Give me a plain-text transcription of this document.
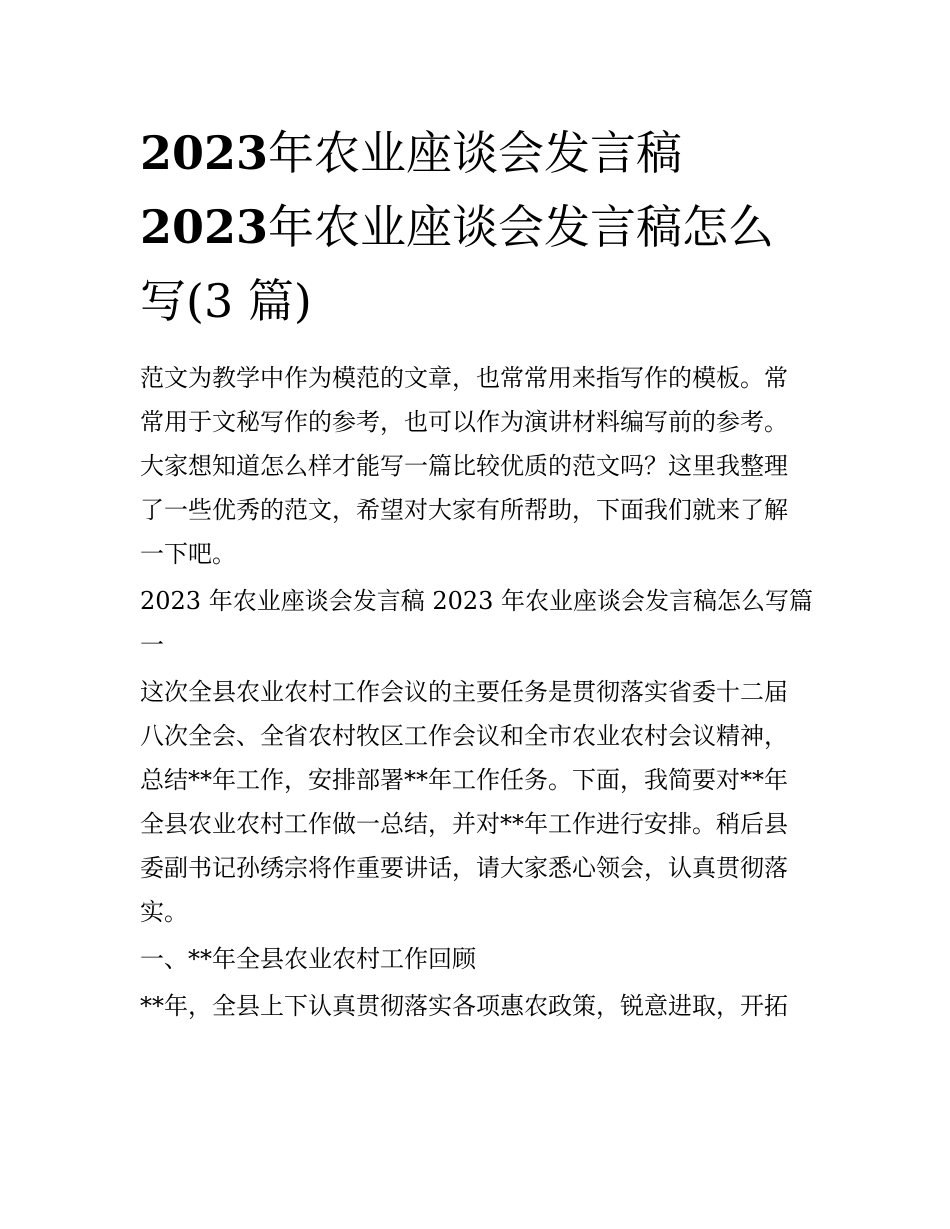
2023年农业座谈会发言稿
2023年农业座谈会发言稿怎么
写(3 篇)

范文为教学中作为模范的文章，也常常用来指写作的模板。常
常用于文秘写作的参考，也可以作为演讲材料编写前的参考。
大家想知道怎么样才能写一篇比较优质的范文吗？这里我整理
了一些优秀的范文，希望对大家有所帮助，下面我们就来了解
一下吧。

2023 年农业座谈会发言稿 2023 年农业座谈会发言稿怎么写篇
一

这次全县农业农村工作会议的主要任务是贯彻落实省委十二届
八次全会、全省农村牧区工作会议和全市农业农村会议精神，
总结**年工作，安排部署**年工作任务。下面，我简要对**年
全县农业农村工作做一总结，并对**年工作进行安排。稍后县
委副书记孙绣宗将作重要讲话，请大家悉心领会，认真贯彻落
实。

一、**年全县农业农村工作回顾

**年，全县上下认真贯彻落实各项惠农政策，锐意进取，开拓
